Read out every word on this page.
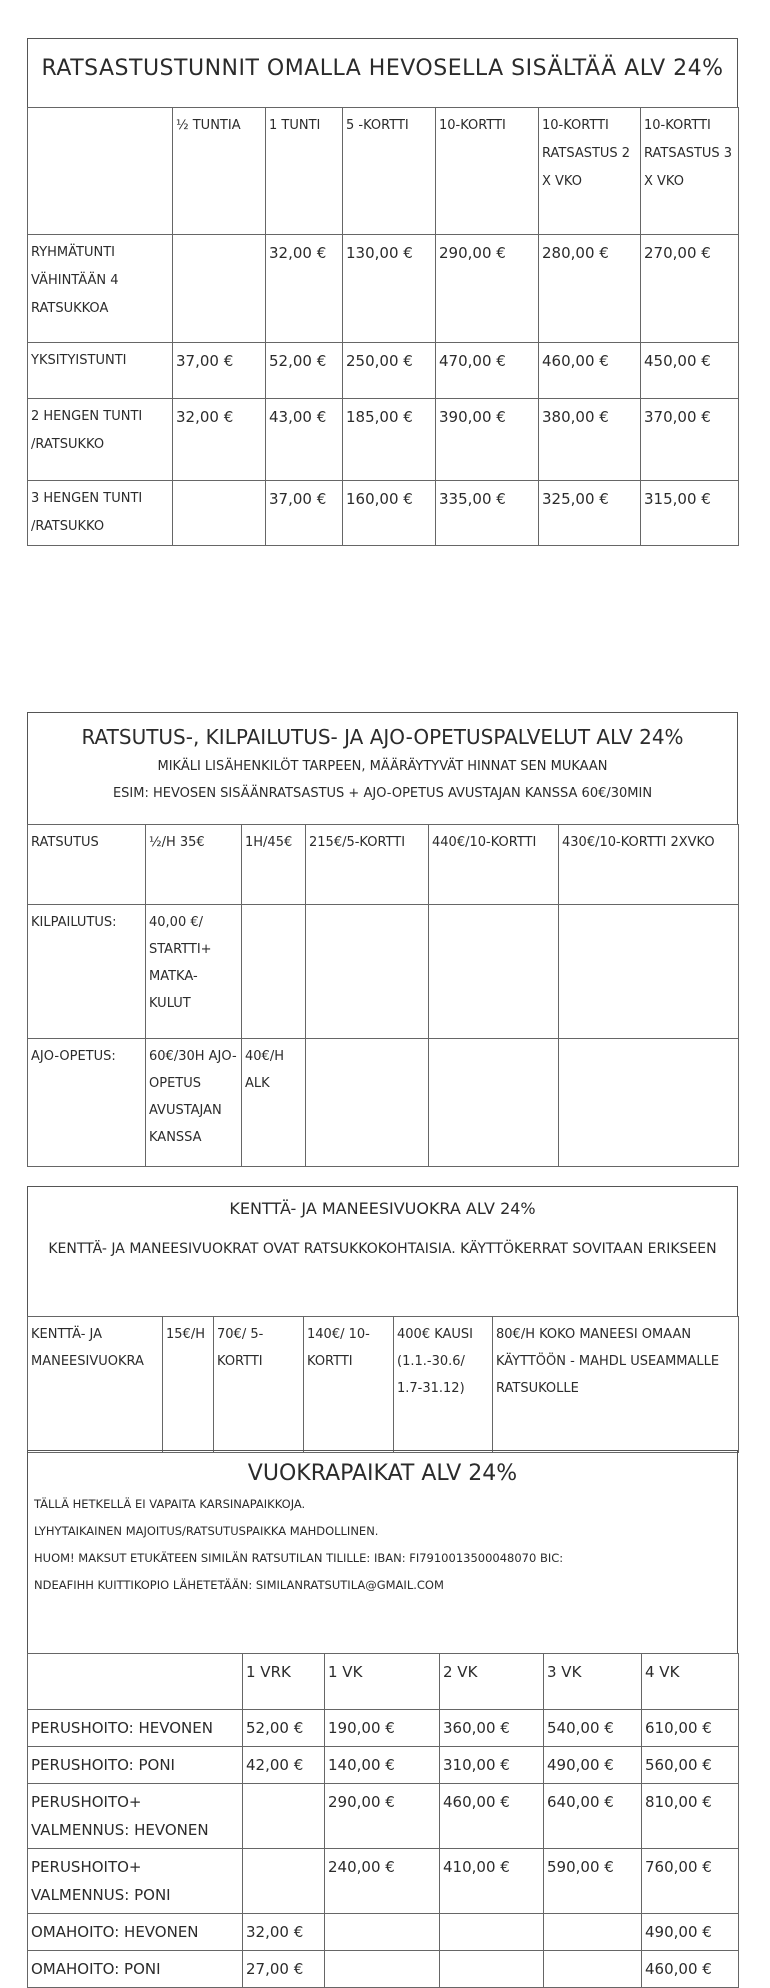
RATSASTUSTUNNIT OMALLA HEVOSELLA SISÄLTÄÄ ALV 24%
	½ TUNTIA	1 TUNTI	5 -KORTTI	10-KORTTI	10-KORTTI RATSASTUS 2 X VKO	10-KORTTI RATSASTUS 3 X VKO
RYHMÄTUNTI VÄHINTÄÄN 4 RATSUKKOA		32,00 €	130,00 €	290,00 €	280,00 €	270,00 €
YKSITYISTUNTI	37,00 €	52,00 €	250,00 €	470,00 €	460,00 €	450,00 €
2 HENGEN TUNTI /RATSUKKO	32,00 €	43,00 €	185,00 €	390,00 €	380,00 €	370,00 €
3 HENGEN TUNTI /RATSUKKO		37,00 €	160,00 €	335,00 €	325,00 €	315,00 €
RATSUTUS-, KILPAILUTUS- JA AJO-OPETUSPALVELUT ALV 24%
MIKÄLI LISÄHENKILÖT TARPEEN, MÄÄRÄYTYVÄT HINNAT SEN MUKAAN
ESIM: HEVOSEN SISÄÄNRATSASTUS + AJO-OPETUS AVUSTAJAN KANSSA 60€/30MIN
RATSUTUS	½/H 35€	1H/45€	215€/5-KORTTI	440€/10-KORTTI	430€/10-KORTTI 2XVKO
KILPAILUTUS:	40,00 €/ STARTTI+ MATKA-KULUT				
AJO-OPETUS:	60€/30H AJO-OPETUS AVUSTAJAN KANSSA	40€/H ALK			
KENTTÄ- JA MANEESIVUOKRA ALV 24%
KENTTÄ- JA MANEESIVUOKRAT OVAT RATSUKKOKOHTAISIA. KÄYTTÖKERRAT SOVITAAN ERIKSEEN
KENTTÄ- JA MANEESIVUOKRA	15€/H	70€/ 5- KORTTI	140€/ 10-KORTTI	400€ KAUSI (1.1.-30.6/ 1.7-31.12)	80€/H KOKO MANEESI OMAAN KÄYTTÖÖN - MAHDL USEAMMALLE RATSUKOLLE
VUOKRAPAIKAT ALV 24%
TÄLLÄ HETKELLÄ EI VAPAITA KARSINAPAIKKOJA.
LYHYTAIKAINEN MAJOITUS/RATSUTUSPAIKKA MAHDOLLINEN.
HUOM! MAKSUT ETUKÄTEEN SIMILÄN RATSUTILAN TILILLE: IBAN: FI7910013500048070 BIC:
NDEAFIHH KUITTIKOPIO LÄHETETÄÄN: SIMILANRATSUTILA@GMAIL.COM
	1 VRK	1 VK	2 VK	3 VK	4 VK
PERUSHOITO: HEVONEN	52,00 €	190,00 €	360,00 €	540,00 €	610,00 €
PERUSHOITO: PONI	42,00 €	140,00 €	310,00 €	490,00 €	560,00 €
PERUSHOITO+ VALMENNUS: HEVONEN		290,00 €	460,00 €	640,00 €	810,00 €
PERUSHOITO+ VALMENNUS: PONI		240,00 €	410,00 €	590,00 €	760,00 €
OMAHOITO: HEVONEN	32,00 €				490,00 €
OMAHOITO: PONI	27,00 €				460,00 €
